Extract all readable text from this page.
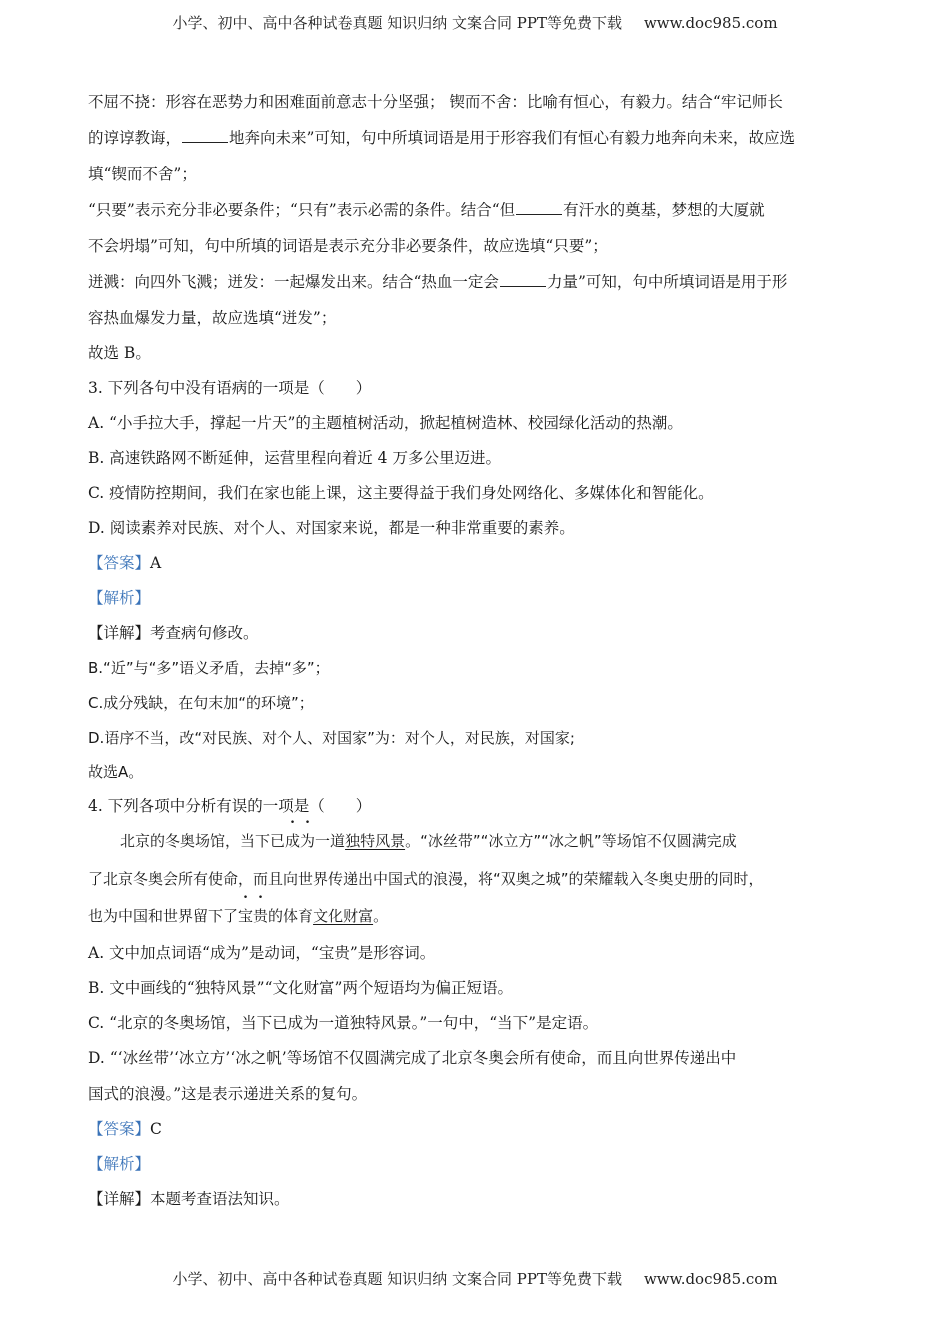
小学、初中、高中各种试卷真题 知识归纳 文案合同 PPT等免费下载 www.doc985.com
不屈不挠：形容在恶势力和困难面前意志十分坚强； 锲而不舍：比喻有恒心，有毅力。结合“牢记师长
的谆谆教诲，	地奔向未来”可知，句中所填词语是用于形容我们有恒心有毅力地奔向未来，故应选
填“锲而不舍”；
“只要”表示充分非必要条件；“只有”表示必需的条件。结合“但	有汗水的奠基，梦想的大厦就
不会坍塌”可知，句中所填的词语是表示充分非必要条件，故应选填“只要”；
迸溅：向四外飞溅；迸发：一起爆发出来。结合“热血一定会	力量”可知，句中所填词语是用于形
容热血爆发力量，故应选填“迸发”；
故选 B。
3. 下列各句中没有语病的一项是（　　）
A. “小手拉大手，撑起一片天”的主题植树活动，掀起植树造林、校园绿化活动的热潮。
B. 高速铁路网不断延伸，运营里程向着近 4 万多公里迈进。
C. 疫情防控期间，我们在家也能上课，这主要得益于我们身处网络化、多媒体化和智能化。
D. 阅读素养对民族、对个人、对国家来说，都是一种非常重要的素养。
【答案】A
【解析】
【详解】考查病句修改。
B.“近”与“多”语义矛盾，去掉“多”；
C.成分残缺，在句末加“的环境”；
D.语序不当，改“对民族、对个人、对国家”为：对个人，对民族，对国家;
故选A。
4. 下列各项中分析有误的一项是（　　）
北京的冬奥场馆，当下已成为一道独特风景。“冰丝带”“冰立方”“冰之帆”等场馆不仅圆满完成
了北京冬奥会所有使命，而且向世界传递出中国式的浪漫，将“双奥之城”的荣耀载入冬奥史册的同时，
也为中国和世界留下了宝贵的体育文化财富。
A. 文中加点词语“成为”是动词，“宝贵”是形容词。
B. 文中画线的“独特风景”“文化财富”两个短语均为偏正短语。
C. “北京的冬奥场馆，当下已成为一道独特风景。”一句中，“当下”是定语。
D. “‘冰丝带’‘冰立方’‘冰之帆’等场馆不仅圆满完成了北京冬奥会所有使命，而且向世界传递出中
国式的浪漫。”这是表示递进关系的复句。
【答案】C
【解析】
【详解】本题考查语法知识。
小学、初中、高中各种试卷真题 知识归纳 文案合同 PPT等免费下载 www.doc985.com
